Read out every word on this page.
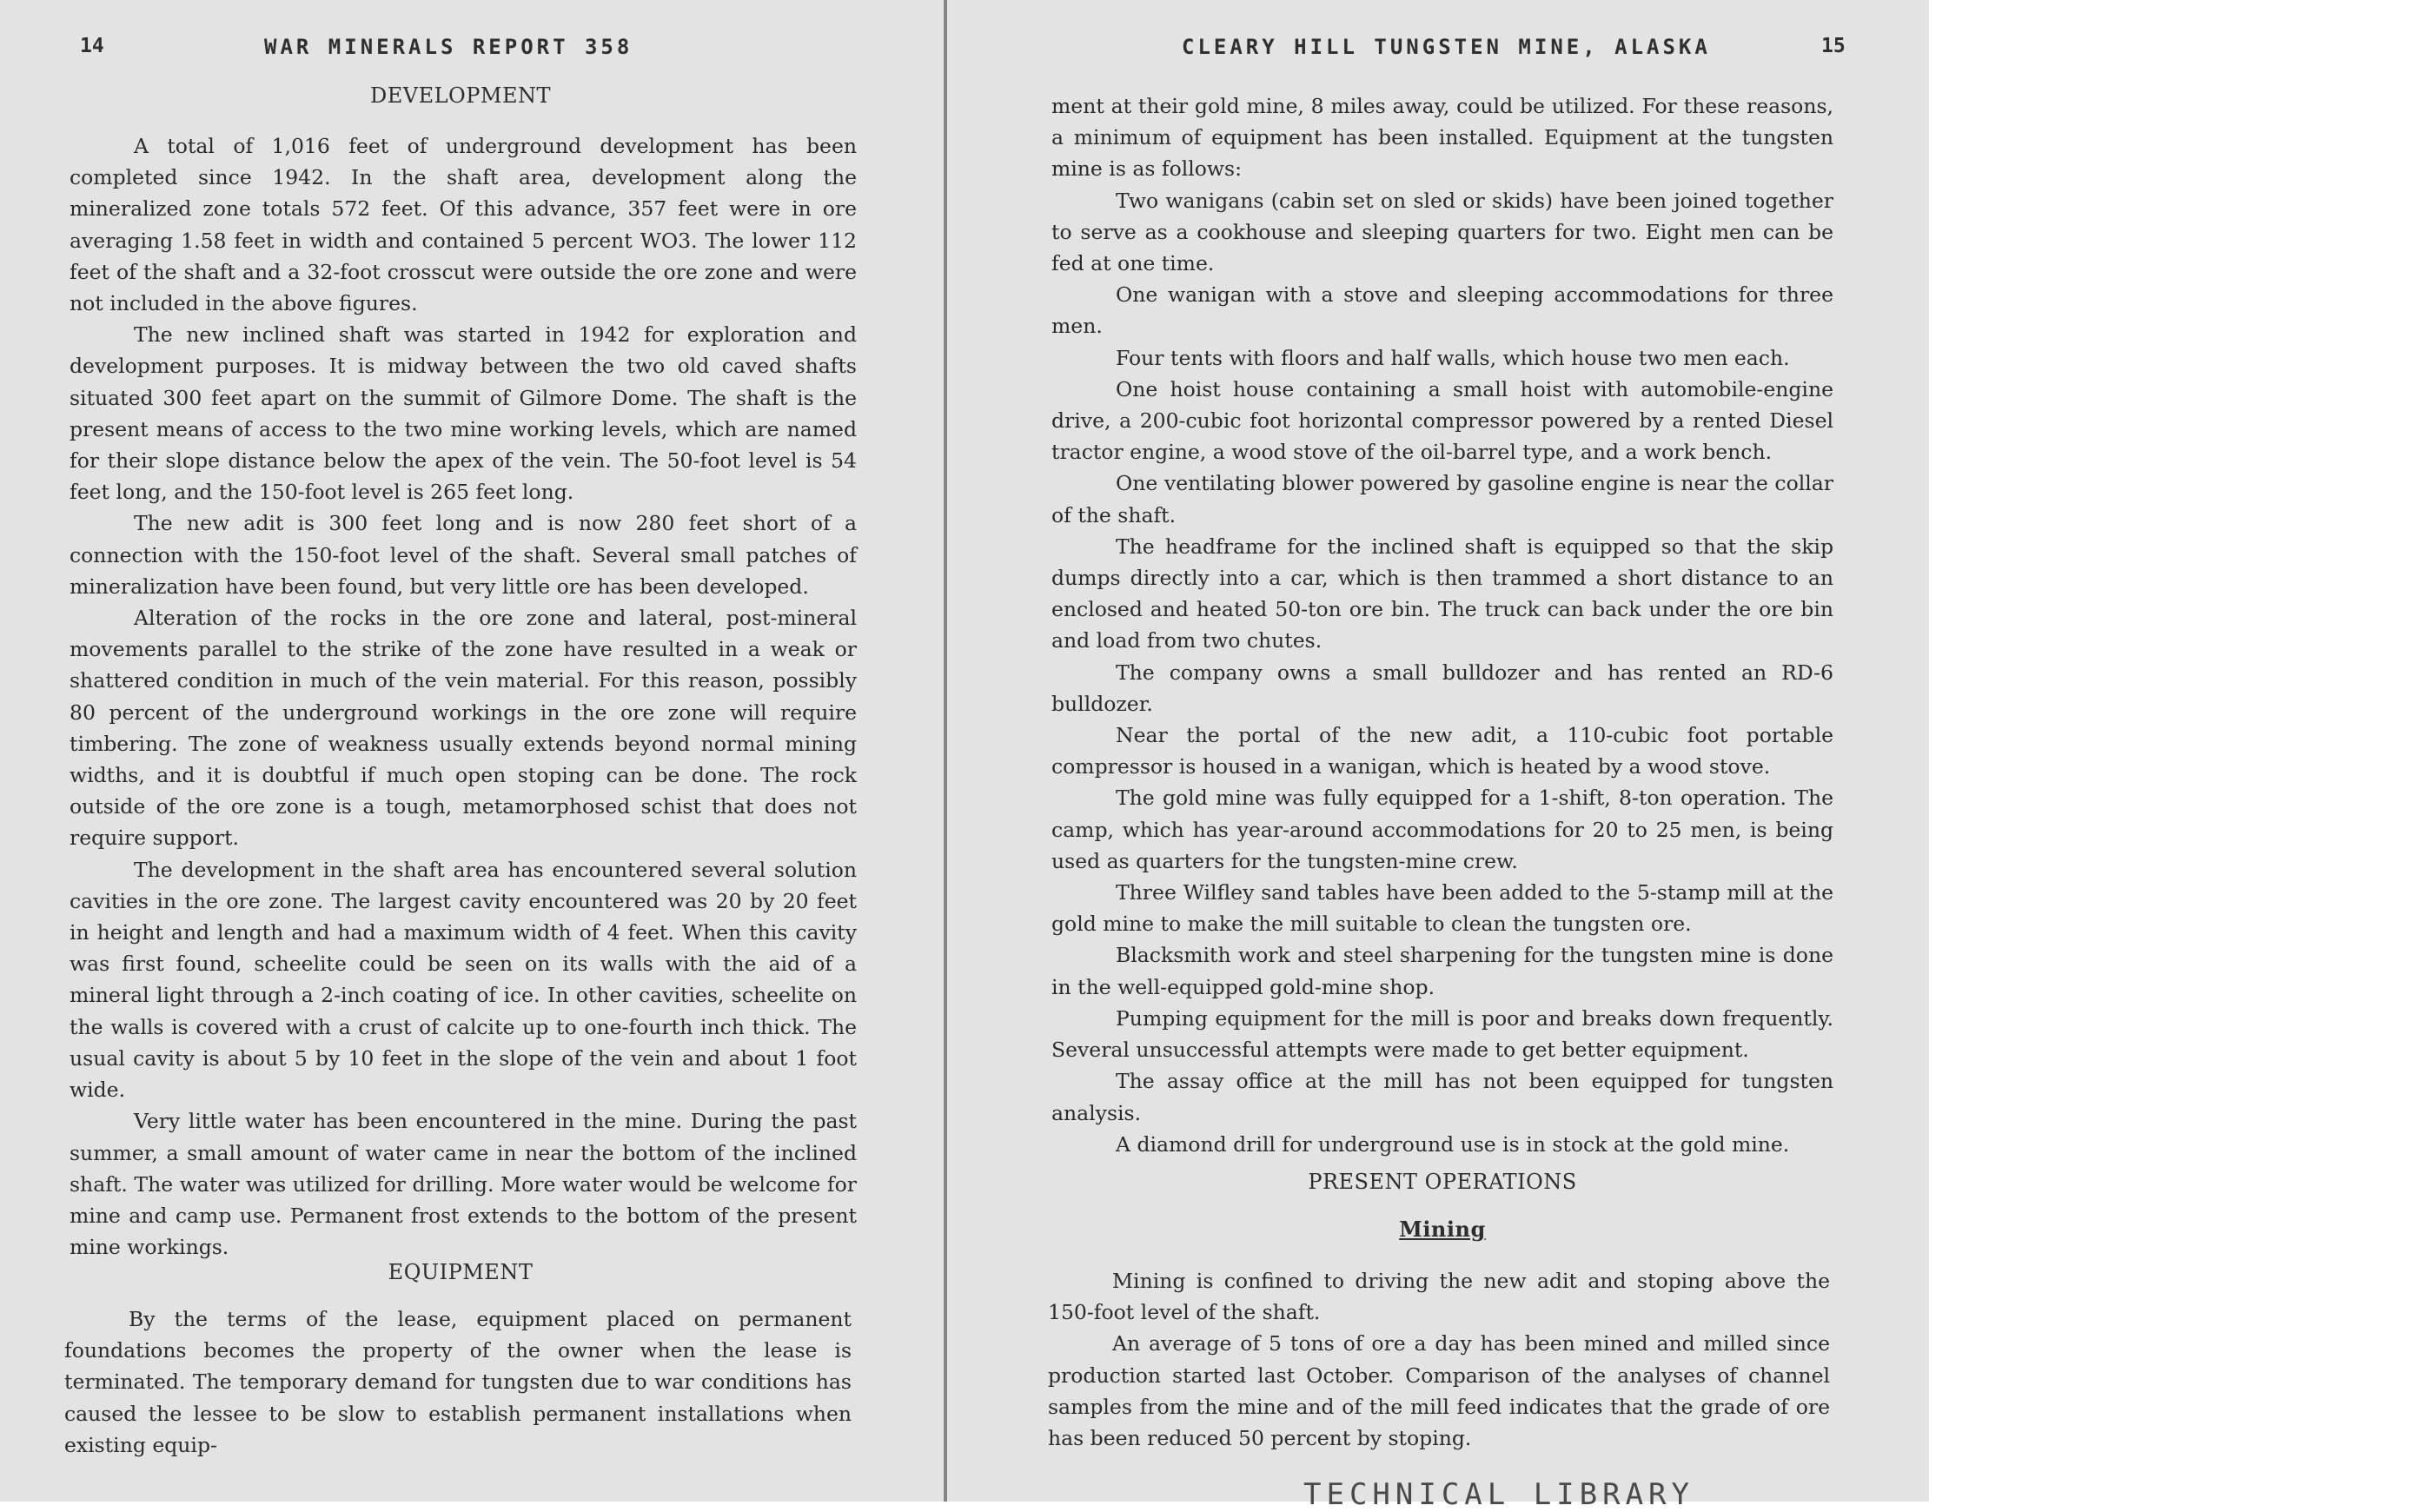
14	WAR MINERALS REPORT 358
DEVELOPMENT

A total of 1,016 feet of underground development has been completed since 1942. In the shaft area, development along the mineralized zone totals 572 feet. Of this advance, 357 feet were in ore averaging 1.58 feet in width and contained 5 percent WO3. The lower 112 feet of the shaft and a 32-foot crosscut were outside the ore zone and were not included in the above figures.

The new inclined shaft was started in 1942 for exploration and development purposes. It is midway between the two old caved shafts situated 300 feet apart on the summit of Gilmore Dome. The shaft is the present means of access to the two mine working levels, which are named for their slope distance below the apex of the vein. The 50-foot level is 54 feet long, and the 150-foot level is 265 feet long.

The new adit is 300 feet long and is now 280 feet short of a connection with the 150-foot level of the shaft. Several small patches of mineralization have been found, but very little ore has been developed.

Alteration of the rocks in the ore zone and lateral, post-mineral movements parallel to the strike of the zone have resulted in a weak or shattered condition in much of the vein material. For this reason, possibly 80 percent of the underground workings in the ore zone will require timbering. The zone of weakness usually extends beyond normal mining widths, and it is doubtful if much open stoping can be done. The rock outside of the ore zone is a tough, metamorphosed schist that does not require support.

The development in the shaft area has encountered several solution cavities in the ore zone. The largest cavity encountered was 20 by 20 feet in height and length and had a maximum width of 4 feet. When this cavity was first found, scheelite could be seen on its walls with the aid of a mineral light through a 2-inch coating of ice. In other cavities, scheelite on the walls is covered with a crust of calcite up to one-fourth inch thick. The usual cavity is about 5 by 10 feet in the slope of the vein and about 1 foot wide.

Very little water has been encountered in the mine. During the past summer, a small amount of water came in near the bottom of the inclined shaft. The water was utilized for drilling. More water would be welcome for mine and camp use. Permanent frost extends to the bottom of the present mine workings.

EQUIPMENT

By the terms of the lease, equipment placed on permanent foundations becomes the property of the owner when the lease is terminated. The temporary demand for tungsten due to war conditions has caused the lessee to be slow to establish permanent installations when existing equip-

CLEARY HILL TUNGSTEN MINE, ALASKA	15

ment at their gold mine, 8 miles away, could be utilized. For these reasons, a minimum of equipment has been installed. Equipment at the tungsten mine is as follows:

Two wanigans (cabin set on sled or skids) have been joined together to serve as a cookhouse and sleeping quarters for two. Eight men can be fed at one time.

One wanigan with a stove and sleeping accommodations for three men.

Four tents with floors and half walls, which house two men each.

One hoist house containing a small hoist with automobile-engine drive, a 200-cubic foot horizontal compressor powered by a rented Diesel tractor engine, a wood stove of the oil-barrel type, and a work bench.

One ventilating blower powered by gasoline engine is near the collar of the shaft.

The headframe for the inclined shaft is equipped so that the skip dumps directly into a car, which is then trammed a short distance to an enclosed and heated 50-ton ore bin. The truck can back under the ore bin and load from two chutes.

The company owns a small bulldozer and has rented an RD-6 bulldozer.

Near the portal of the new adit, a 110-cubic foot portable compressor is housed in a wanigan, which is heated by a wood stove.

The gold mine was fully equipped for a 1-shift, 8-ton operation. The camp, which has year-around accommodations for 20 to 25 men, is being used as quarters for the tungsten-mine crew.

Three Wilfley sand tables have been added to the 5-stamp mill at the gold mine to make the mill suitable to clean the tungsten ore.

Blacksmith work and steel sharpening for the tungsten mine is done in the well-equipped gold-mine shop.

Pumping equipment for the mill is poor and breaks down frequently. Several unsuccessful attempts were made to get better equipment.

The assay office at the mill has not been equipped for tungsten analysis.

A diamond drill for underground use is in stock at the gold mine.

PRESENT OPERATIONS
Mining

Mining is confined to driving the new adit and stoping above the 150-foot level of the shaft.

An average of 5 tons of ore a day has been mined and milled since production started last October. Comparison of the analyses of channel samples from the mine and of the mill feed indicates that the grade of ore has been reduced 50 percent by stoping.

TECHNICAL LIBRARY
